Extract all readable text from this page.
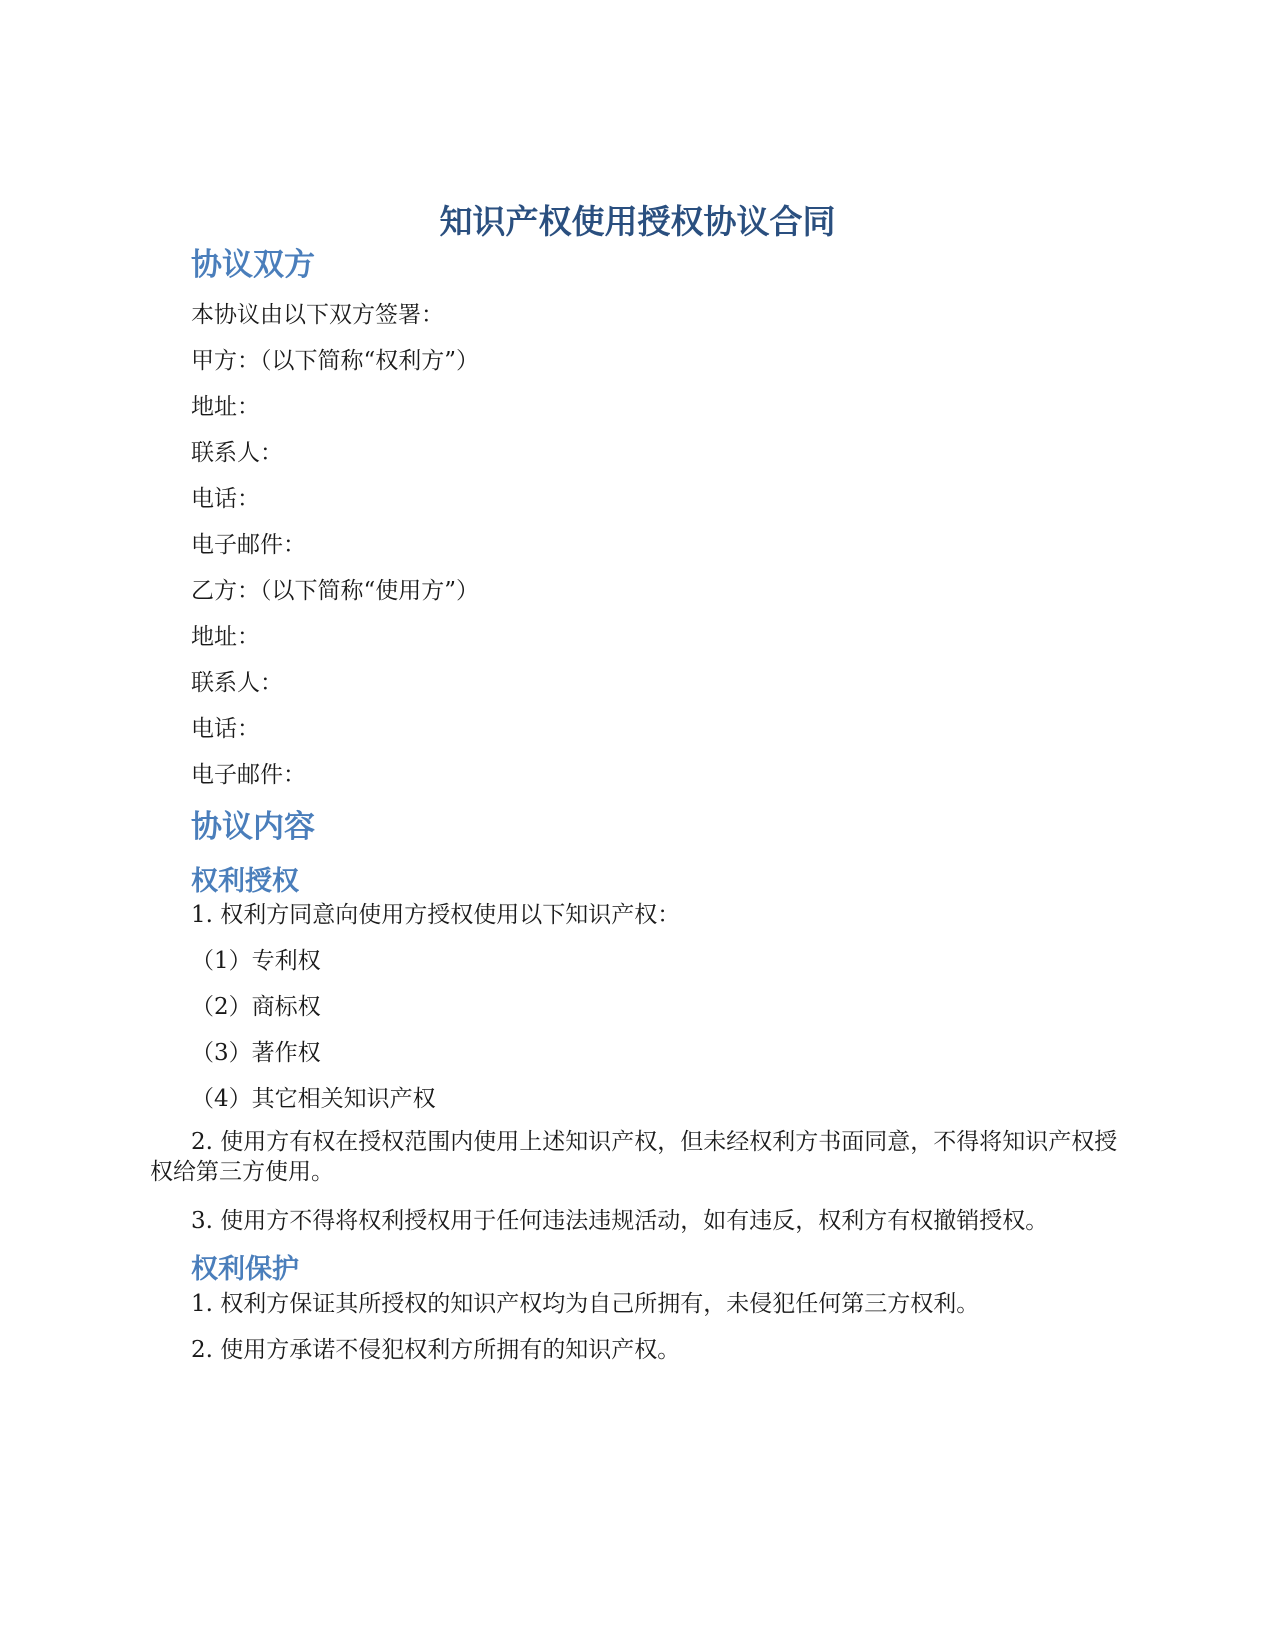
知识产权使用授权协议合同
协议双方
本协议由以下双方签署：
甲方：（以下简称“权利方”）
地址：
联系人：
电话：
电子邮件：
乙方：（以下简称“使用方”）
地址：
联系人：
电话：
电子邮件：
协议内容
权利授权
1. 权利方同意向使用方授权使用以下知识产权：
（1）专利权
（2）商标权
（3）著作权
（4）其它相关知识产权
2. 使用方有权在授权范围内使用上述知识产权，但未经权利方书面同意，不得将知识产权授权给第三方使用。
3. 使用方不得将权利授权用于任何违法违规活动，如有违反，权利方有权撤销授权。
权利保护
1. 权利方保证其所授权的知识产权均为自己所拥有，未侵犯任何第三方权利。
2. 使用方承诺不侵犯权利方所拥有的知识产权。
